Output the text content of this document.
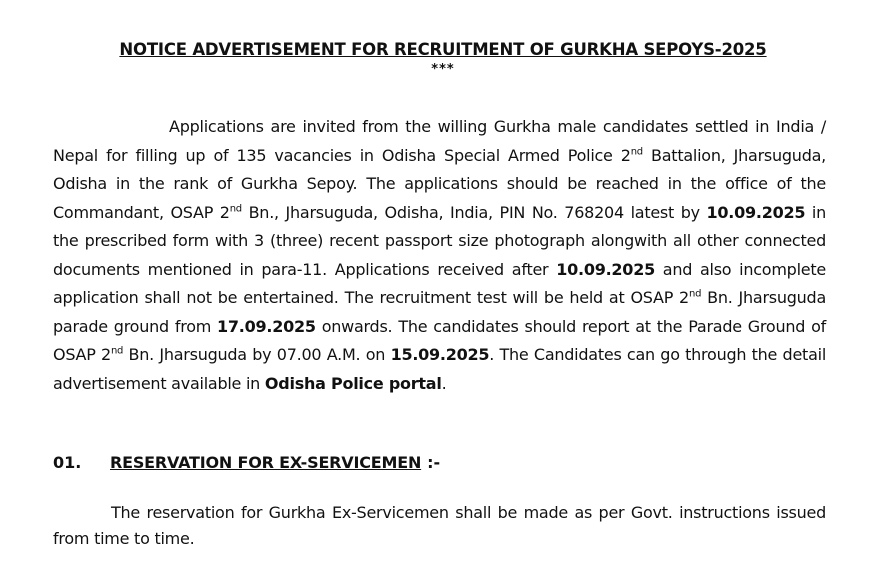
NOTICE ADVERTISEMENT FOR RECRUITMENT OF GURKHA SEPOYS-2025
***

Applications are invited from the willing Gurkha male candidates settled in India / Nepal for filling up of 135 vacancies in Odisha Special Armed Police 2nd Battalion, Jharsuguda, Odisha in the rank of Gurkha Sepoy. The applications should be reached in the office of the Commandant, OSAP 2nd Bn., Jharsuguda, Odisha, India, PIN No. 768204 latest by 10.09.2025 in the prescribed form with 3 (three) recent passport size photograph alongwith all other connected documents mentioned in para-11. Applications received after 10.09.2025 and also incomplete application shall not be entertained. The recruitment test will be held at OSAP 2nd Bn. Jharsuguda parade ground from 17.09.2025 onwards. The candidates should report at the Parade Ground of OSAP 2nd Bn. Jharsuguda by 07.00 A.M. on 15.09.2025. The Candidates can go through the detail advertisement available in Odisha Police portal.

01. RESERVATION FOR EX-SERVICEMEN :-

The reservation for Gurkha Ex-Servicemen shall be made as per Govt. instructions issued from time to time.
